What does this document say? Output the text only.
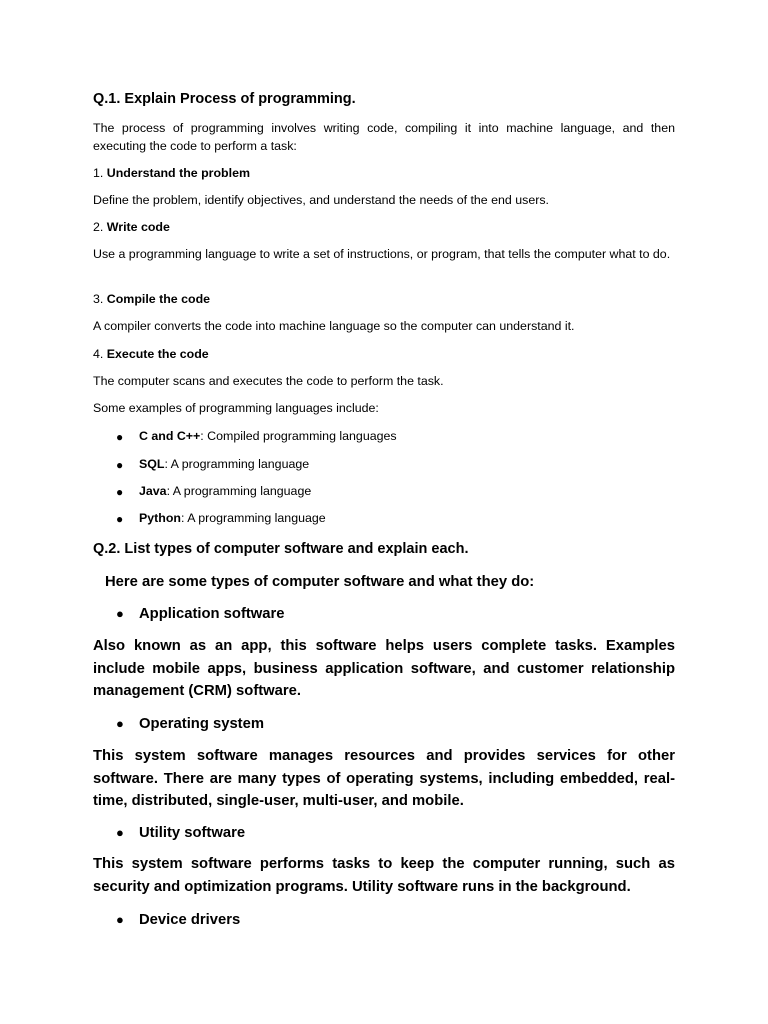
Q.1. Explain Process of programming.

The process of programming involves writing code, compiling it into machine language, and then executing the code to perform a task:

1. Understand the problem

Define the problem, identify objectives, and understand the needs of the end users.

2. Write code

Use a programming language to write a set of instructions, or program, that tells the computer what to do.

3. Compile the code

A compiler converts the code into machine language so the computer can understand it.

4. Execute the code

The computer scans and executes the code to perform the task.

Some examples of programming languages include:

● C and C++: Compiled programming languages
● SQL: A programming language
● Java: A programming language
● Python: A programming language
Q.2. List types of computer software and explain each.
Here are some types of computer software and what they do:
● Application software

Also known as an app, this software helps users complete tasks. Examples include mobile apps, business application software, and customer relationship management (CRM) software.

● Operating system

This system software manages resources and provides services for other software. There are many types of operating systems, including embedded, real-time, distributed, single-user, multi-user, and mobile.

● Utility software

This system software performs tasks to keep the computer running, such as security and optimization programs. Utility software runs in the background.

● Device drivers
